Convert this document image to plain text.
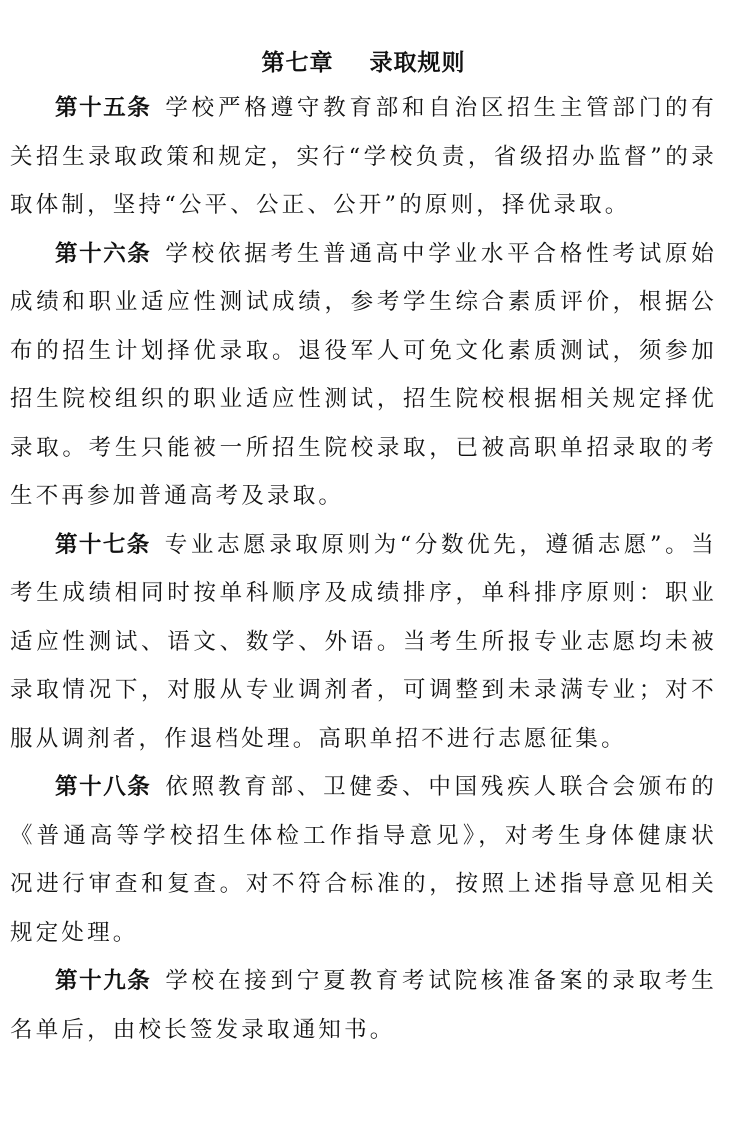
第七章    录取规则

第十五条 学校严格遵守教育部和自治区招生主管部门的有关招生录取政策和规定，实行“学校负责，省级招办监督”的录取体制，坚持“公平、公正、公开”的原则，择优录取。

第十六条 学校依据考生普通高中学业水平合格性考试原始成绩和职业适应性测试成绩，参考学生综合素质评价，根据公布的招生计划择优录取。退役军人可免文化素质测试，须参加招生院校组织的职业适应性测试，招生院校根据相关规定择优录取。考生只能被一所招生院校录取，已被高职单招录取的考生不再参加普通高考及录取。

第十七条 专业志愿录取原则为“分数优先，遵循志愿”。当考生成绩相同时按单科顺序及成绩排序，单科排序原则：职业适应性测试、语文、数学、外语。当考生所报专业志愿均未被录取情况下，对服从专业调剂者，可调整到未录满专业；对不服从调剂者，作退档处理。高职单招不进行志愿征集。

第十八条 依照教育部、卫健委、中国残疾人联合会颁布的《普通高等学校招生体检工作指导意见》，对考生身体健康状况进行审查和复查。对不符合标准的，按照上述指导意见相关规定处理。

第十九条 学校在接到宁夏教育考试院核准备案的录取考生名单后，由校长签发录取通知书。
